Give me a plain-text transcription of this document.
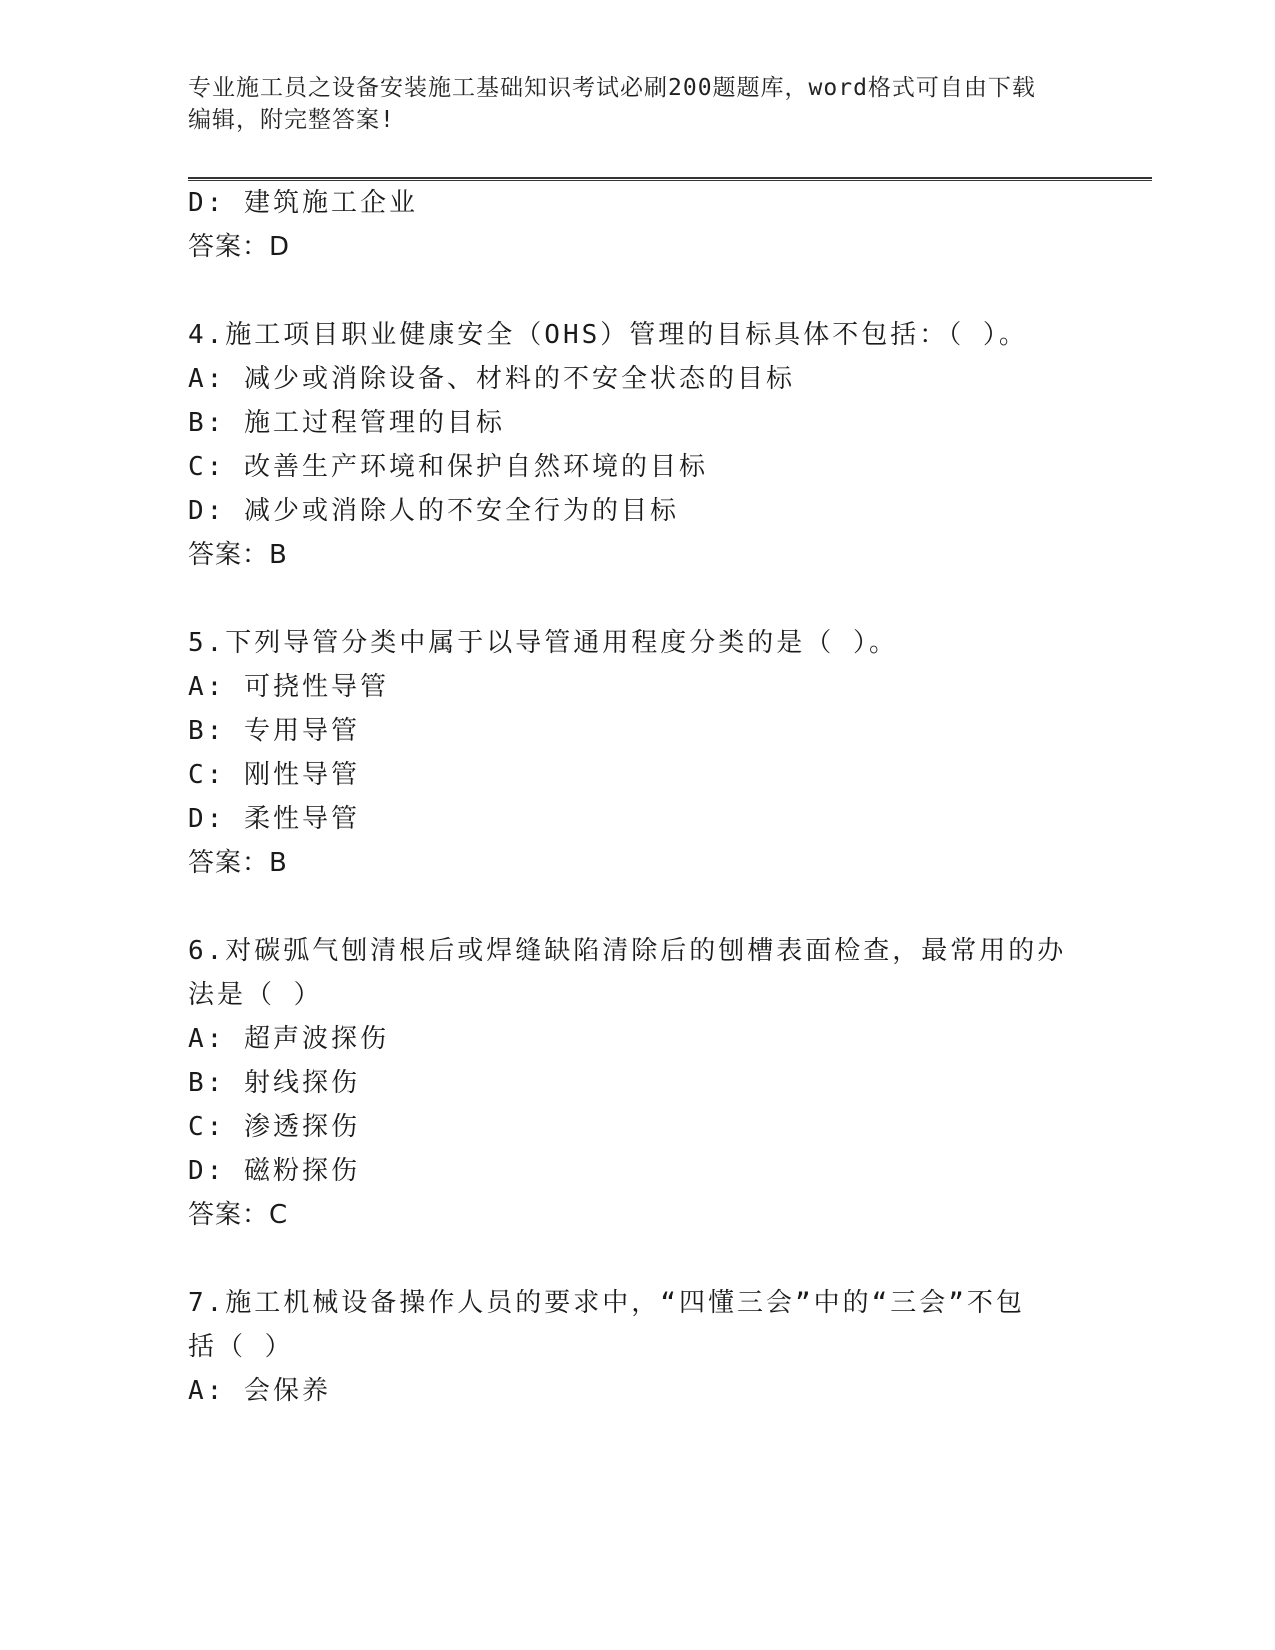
专业施工员之设备安装施工基础知识考试必刷200题题库，word格式可自由下载
编辑，附完整答案!
D: 建筑施工企业
答案：D
4.施工项目职业健康安全（OHS）管理的目标具体不包括：（ ）。
A: 减少或消除设备、材料的不安全状态的目标
B: 施工过程管理的目标
C: 改善生产环境和保护自然环境的目标
D: 减少或消除人的不安全行为的目标
答案：B
5.下列导管分类中属于以导管通用程度分类的是（ ）。
A: 可挠性导管
B: 专用导管
C: 刚性导管
D: 柔性导管
答案：B
6.对碳弧气刨清根后或焊缝缺陷清除后的刨槽表面检查，最常用的办
法是（ ）
A: 超声波探伤
B: 射线探伤
C: 渗透探伤
D: 磁粉探伤
答案：C
7.施工机械设备操作人员的要求中，“四懂三会”中的“三会”不包
括（ ）
A: 会保养
